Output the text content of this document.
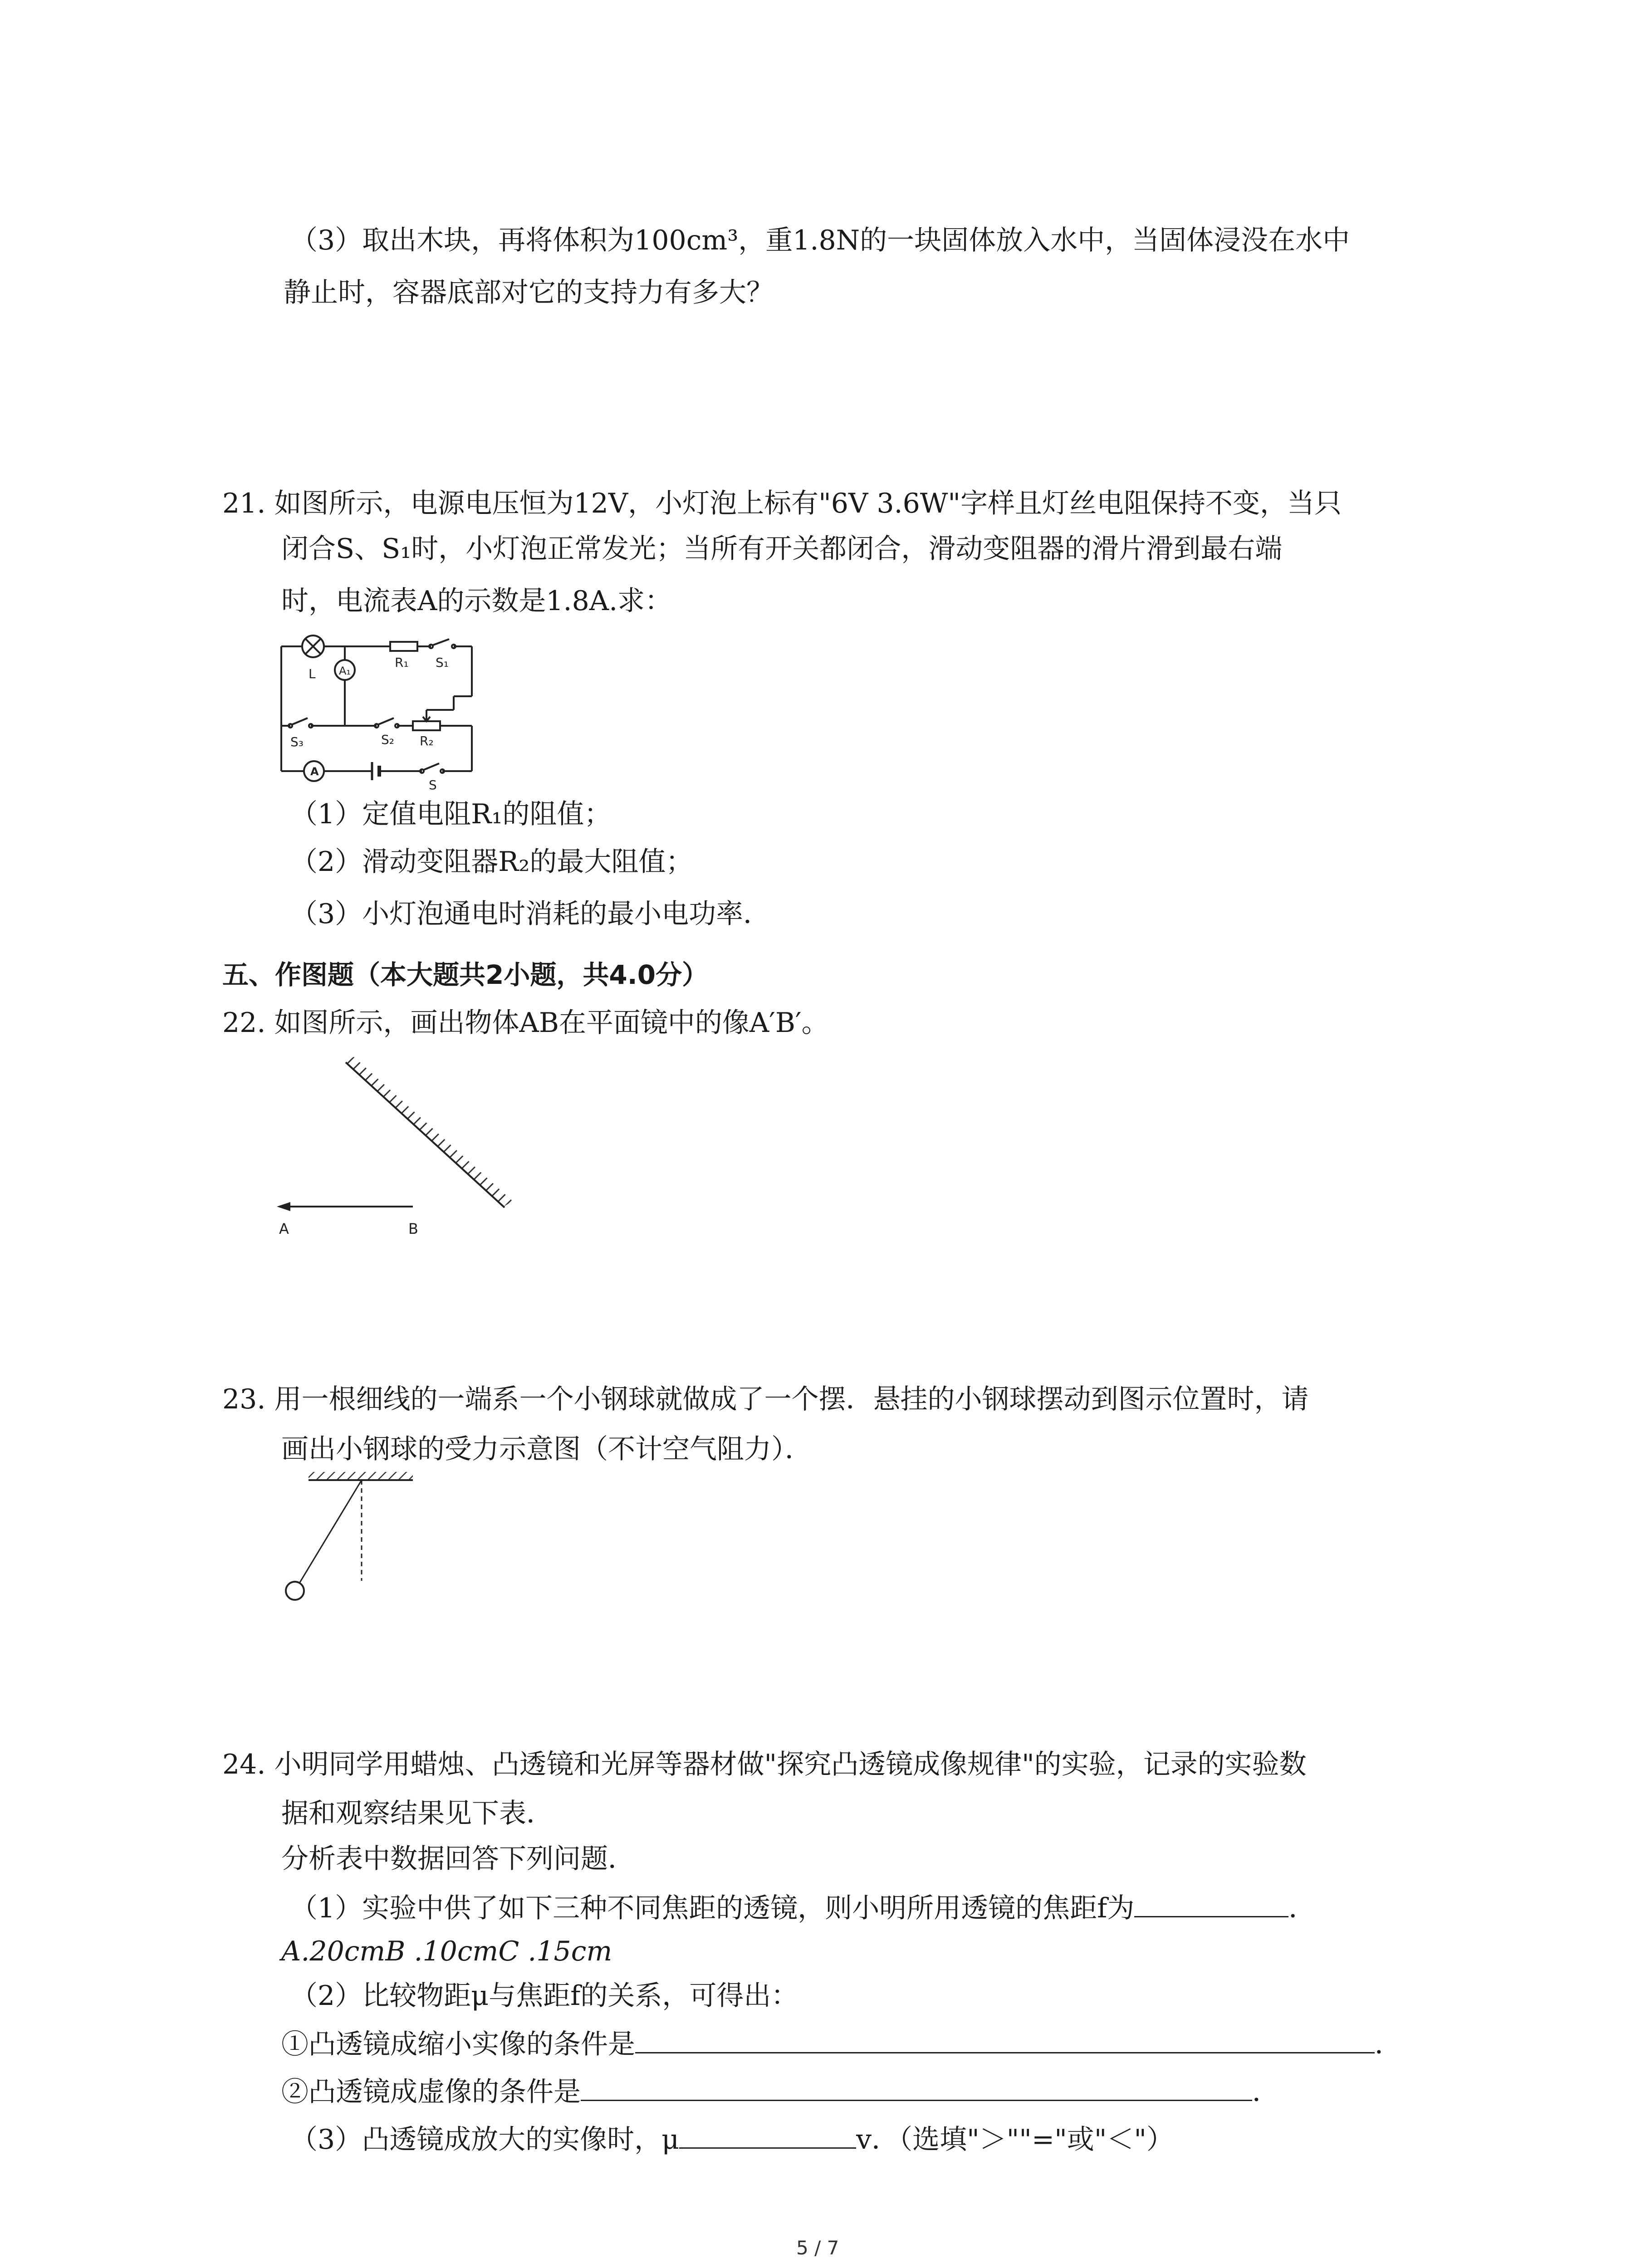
（3）取出木块，再将体积为100cm³，重1.8N的一块固体放入水中，当固体浸没在水中
静止时，容器底部对它的支持力有多大？
21. 如图所示，电源电压恒为12V，小灯泡上标有"6V 3.6W"字样且灯丝电阻保持不变，当只
闭合S、S₁时，小灯泡正常发光；当所有开关都闭合，滑动变阻器的滑片滑到最右端
时，电流表A的示数是1.8A.求：
L A₁
R₁ S₁
S₃	S₂ R₂
A
S
（1）定值电阻R₁的阻值；
（2）滑动变阻器R₂的最大阻值；
（3）小灯泡通电时消耗的最小电功率．
五、作图题（本大题共2小题，共4.0分）
22. 如图所示，画出物体AB在平面镜中的像A′B′。
A	B
23. 用一根细线的一端系一个小钢球就做成了一个摆．悬挂的小钢球摆动到图示位置时，请
画出小钢球的受力示意图（不计空气阻力）．
24. 小明同学用蜡烛、凸透镜和光屏等器材做"探究凸透镜成像规律"的实验，记录的实验数
据和观察结果见下表．
分析表中数据回答下列问题．
（1）实验中供了如下三种不同焦距的透镜，则小明所用透镜的焦距f为	．
A.20cmB .10cmC .15cm
（2）比较物距μ与焦距f的关系，可得出：
①凸透镜成缩小实像的条件是	．
②凸透镜成虚像的条件是	．
（3）凸透镜成放大的实像时，μ	v．（选填"＞""="或"＜"）
5 / 7
